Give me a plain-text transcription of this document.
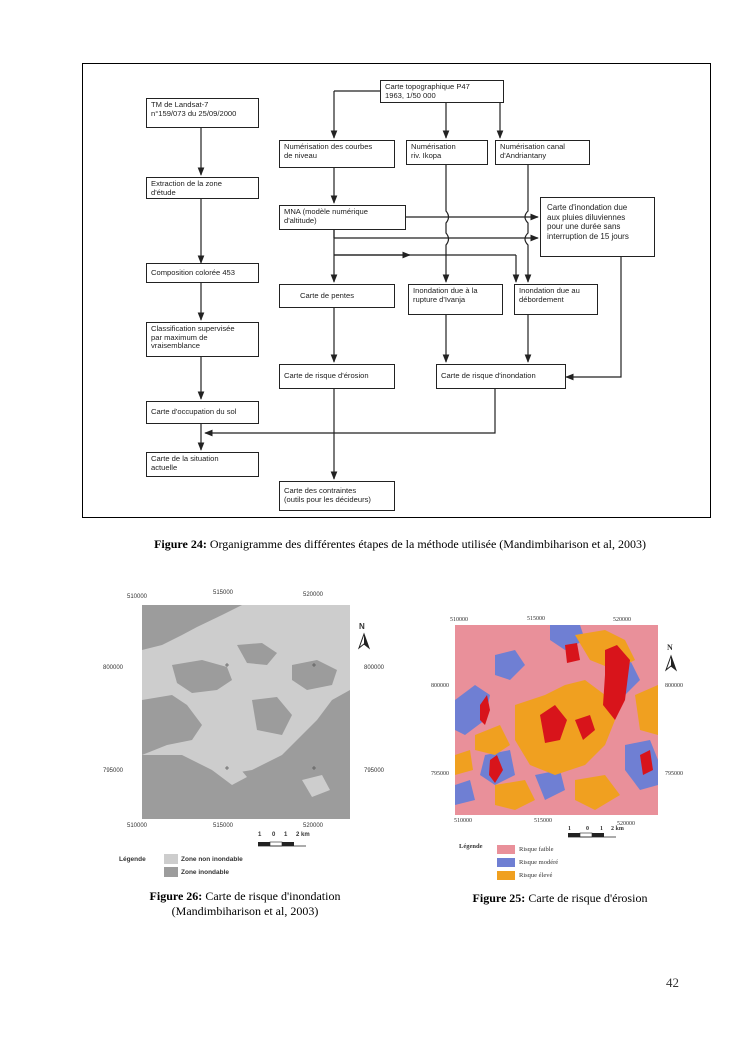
TM de Landsat-7
n°159/073 du 25/09/2000
Carte topographique P47
1963, 1/50 000
Numérisation des courbes
de niveau
Numérisation
riv. Ikopa
Numérisation canal
d'Andriantany
Extraction de la zone
d'étude
MNA (modèle numérique
d'altitude)
Carte d'inondation due
aux pluies diluviennes
pour une durée sans
interruption de 15 jours
Composition colorée 453
Carte de pentes
Inondation due à la
rupture d'Ivanja
Inondation due au
débordement
Classification supervisée
par maximum de
vraisemblance
Carte de risque d'érosion	Carte de risque d'inondation
Carte d'occupation du sol
Carte de la situation
actuelle
Carte des contraintes
(outils pour les décideurs)
Figure 24: Organigramme des différentes étapes de la méthode utilisée (Mandimbiharison et al, 2003)
510000
515000	520000
800000
795000
800000
795000
N
510000	515000	520000
1 0 1 2 km
Légende	Zone non inondable
Zone inondable
Figure 26: Carte de risque d'inondation
(Mandimbiharison et al, 2003)
510000	515000	520000
800000
795000
800000
795000
N
510000	515000	520000
1	0 1 2 km
Légende	Risque faible
Risque modéré
Risque élevé
Figure 25: Carte de risque d'érosion
42
